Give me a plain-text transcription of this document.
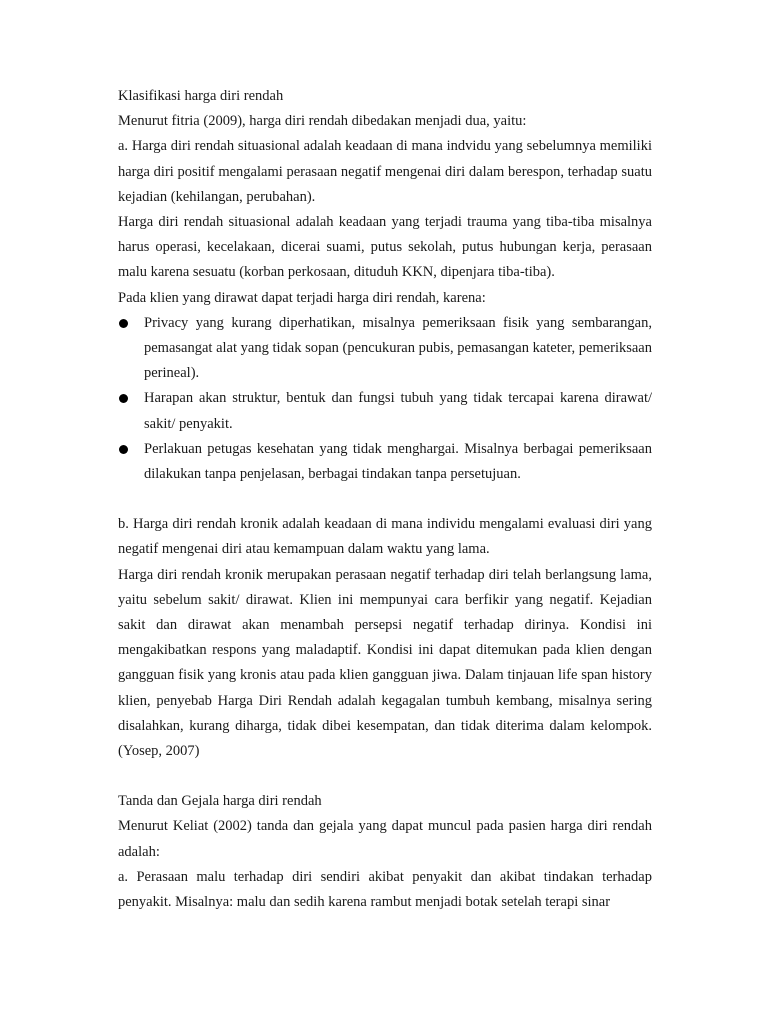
Klasifikasi harga diri rendah

Menurut fitria (2009), harga diri rendah dibedakan menjadi dua, yaitu:

a. Harga diri rendah situasional adalah keadaan di mana indvidu yang sebelumnya memiliki harga diri positif mengalami perasaan negatif mengenai diri dalam berespon, terhadap suatu kejadian (kehilangan, perubahan).

Harga diri rendah situasional adalah keadaan yang terjadi trauma yang tiba-tiba misalnya harus operasi, kecelakaan, dicerai suami, putus sekolah, putus hubungan kerja, perasaan malu karena sesuatu (korban perkosaan, dituduh KKN, dipenjara tiba-tiba).

Pada klien yang dirawat dapat terjadi harga diri rendah, karena:

Privacy yang kurang diperhatikan, misalnya pemeriksaan fisik yang sembarangan, pemasangat alat yang tidak sopan (pencukuran pubis, pemasangan kateter, pemeriksaan perineal).
Harapan akan struktur, bentuk dan fungsi tubuh yang tidak tercapai karena dirawat/ sakit/ penyakit.
Perlakuan petugas kesehatan yang tidak menghargai. Misalnya berbagai pemeriksaan dilakukan tanpa penjelasan, berbagai tindakan tanpa persetujuan.

b. Harga diri rendah kronik adalah keadaan di mana individu mengalami evaluasi diri yang negatif mengenai diri atau kemampuan dalam waktu yang lama.

Harga diri rendah kronik merupakan perasaan negatif terhadap diri telah berlangsung lama, yaitu sebelum sakit/ dirawat. Klien ini mempunyai cara berfikir yang negatif. Kejadian sakit dan dirawat akan menambah persepsi negatif terhadap dirinya. Kondisi ini mengakibatkan respons yang maladaptif. Kondisi ini dapat ditemukan pada klien dengan gangguan fisik yang kronis atau pada klien gangguan jiwa. Dalam tinjauan life span history klien, penyebab Harga Diri Rendah adalah kegagalan tumbuh kembang, misalnya sering disalahkan, kurang diharga, tidak dibei kesempatan, dan tidak diterima dalam kelompok. (Yosep, 2007)

Tanda dan Gejala harga diri rendah

Menurut Keliat (2002) tanda dan gejala yang dapat muncul pada pasien harga diri rendah adalah:

a. Perasaan malu terhadap diri sendiri akibat penyakit dan akibat tindakan terhadap penyakit. Misalnya: malu dan sedih karena rambut menjadi botak setelah terapi sinar
